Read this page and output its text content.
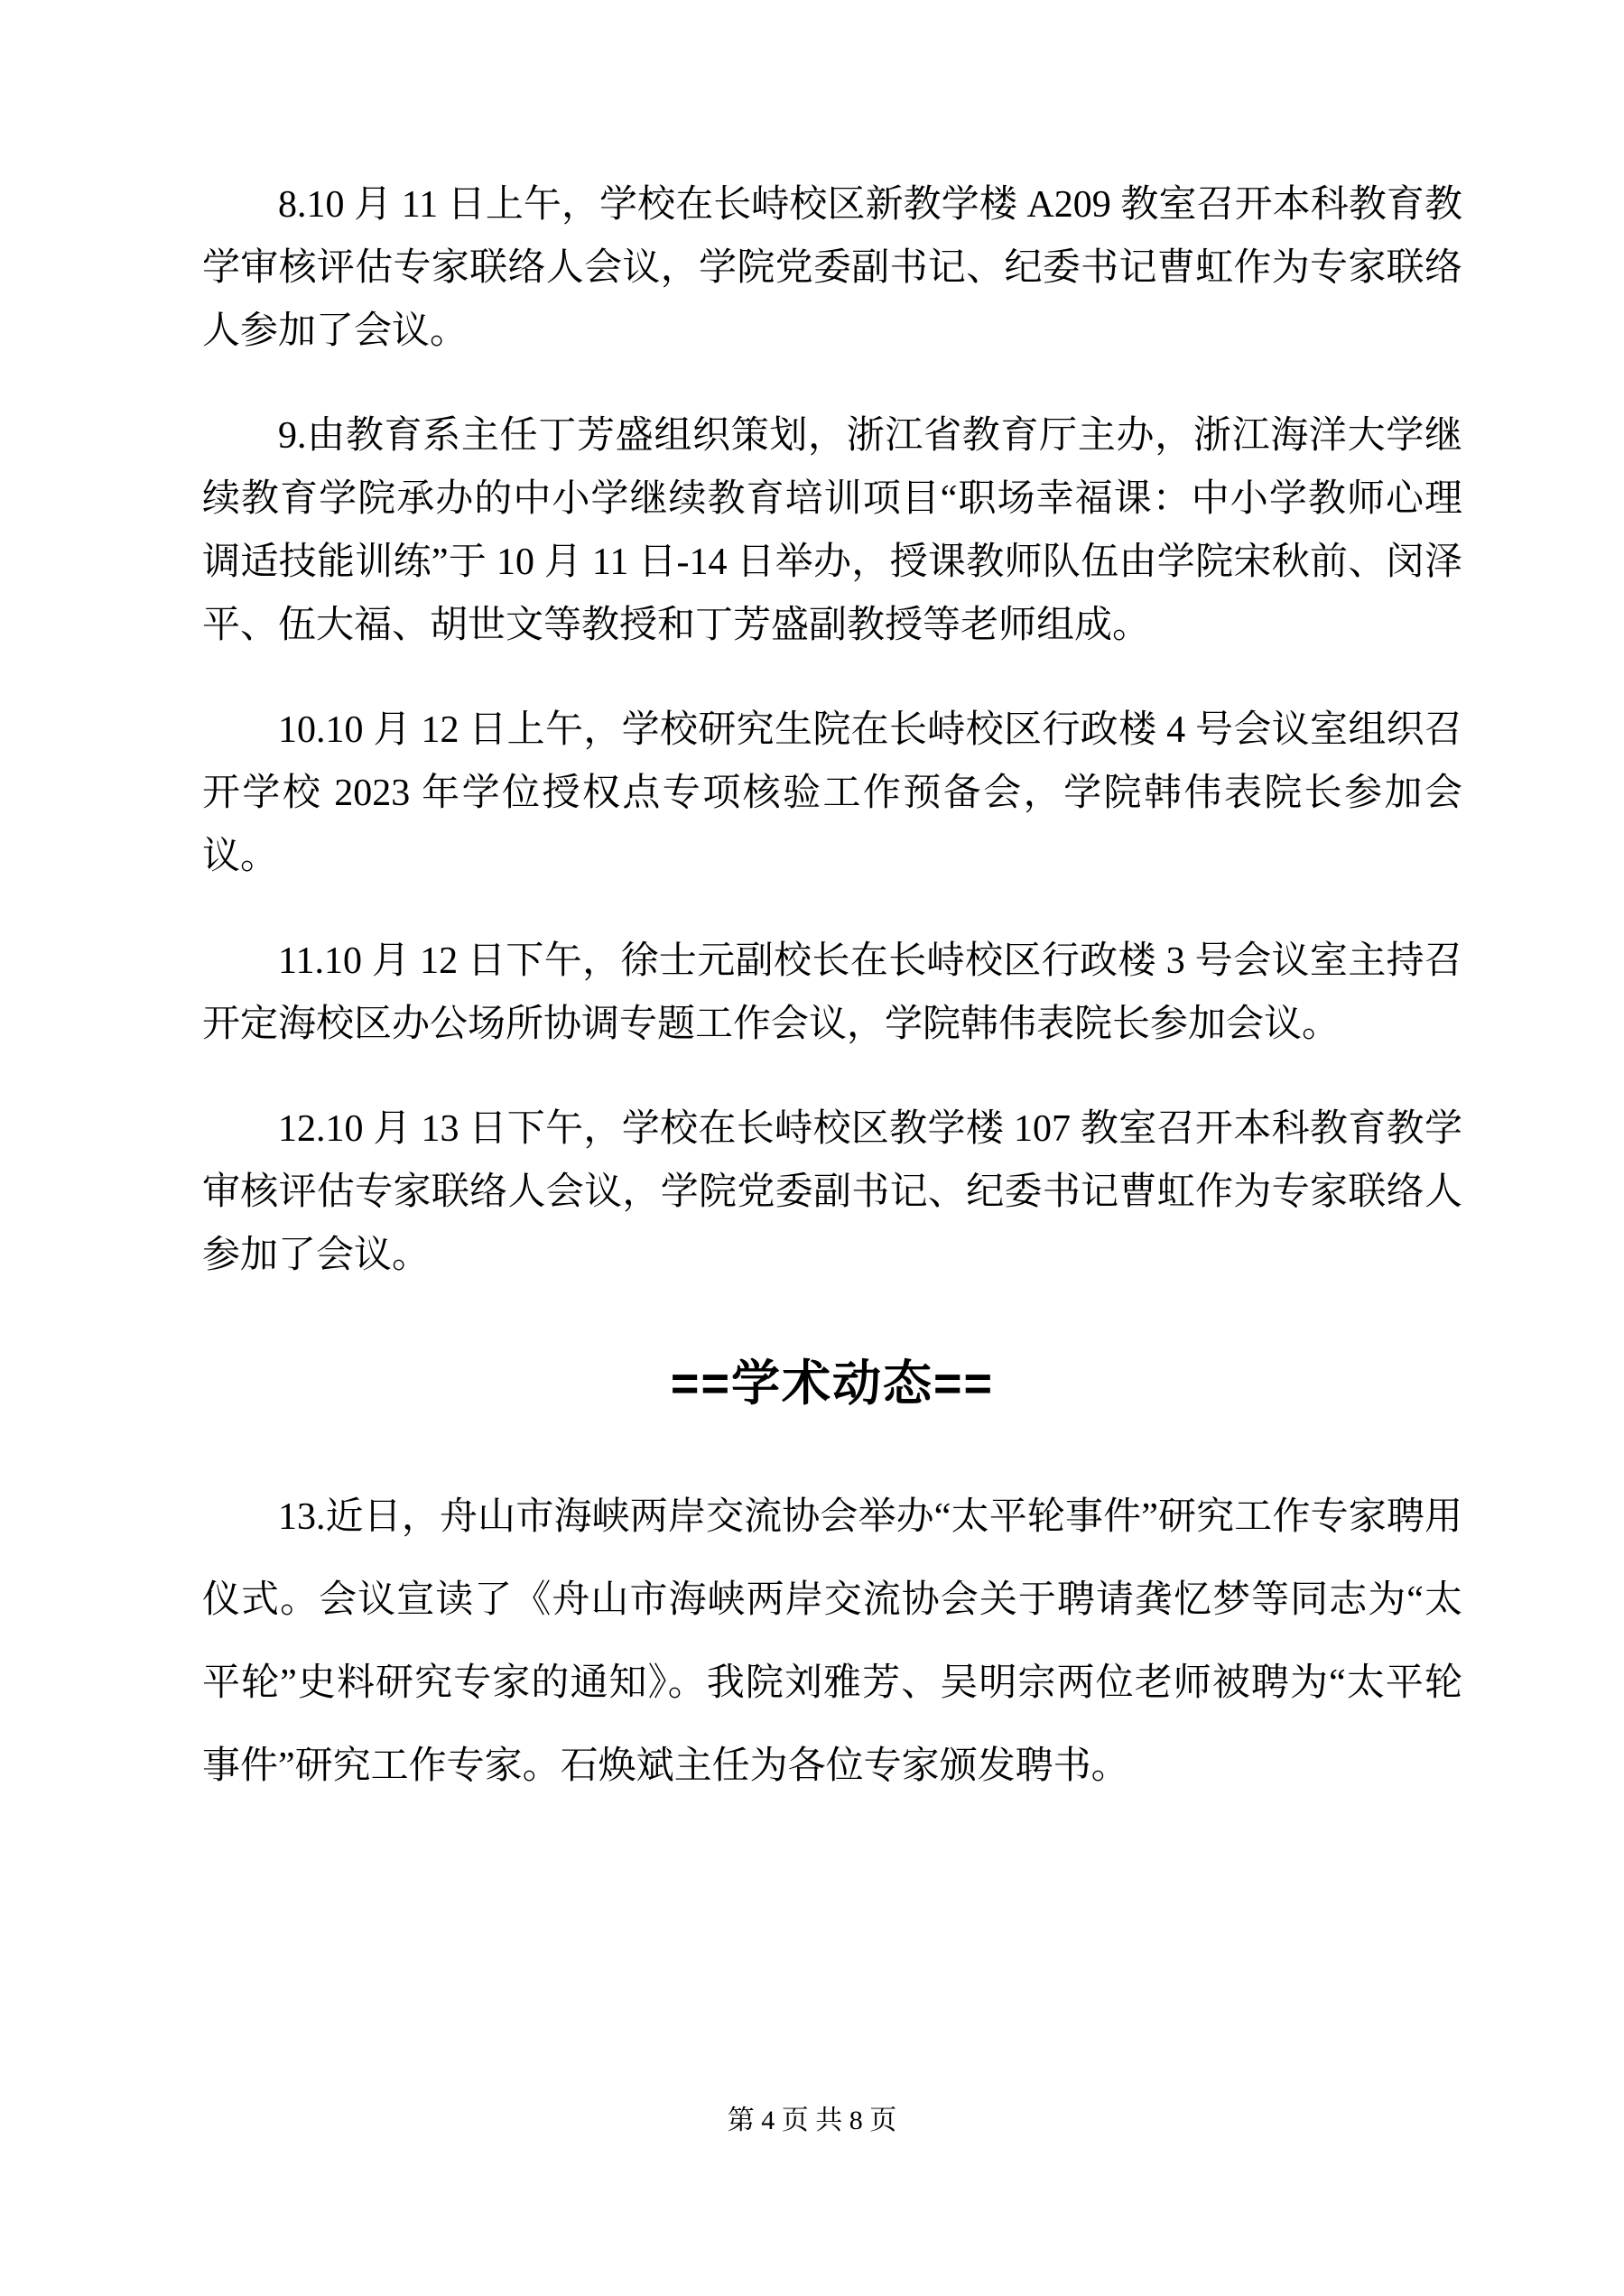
8.10 月 11 日上午，学校在长峙校区新教学楼 A209 教室召开本科教育教学审核评估专家联络人会议，学院党委副书记、纪委书记曹虹作为专家联络人参加了会议。

9.由教育系主任丁芳盛组织策划，浙江省教育厅主办，浙江海洋大学继续教育学院承办的中小学继续教育培训项目“职场幸福课：中小学教师心理调适技能训练”于 10 月 11 日-14 日举办，授课教师队伍由学院宋秋前、闵泽平、伍大福、胡世文等教授和丁芳盛副教授等老师组成。

10.10 月 12 日上午，学校研究生院在长峙校区行政楼 4 号会议室组织召开学校 2023 年学位授权点专项核验工作预备会，学院韩伟表院长参加会议。

11.10 月 12 日下午，徐士元副校长在长峙校区行政楼 3 号会议室主持召开定海校区办公场所协调专题工作会议，学院韩伟表院长参加会议。

12.10 月 13 日下午，学校在长峙校区教学楼 107 教室召开本科教育教学审核评估专家联络人会议，学院党委副书记、纪委书记曹虹作为专家联络人参加了会议。

==学术动态==

13.近日，舟山市海峡两岸交流协会举办“太平轮事件”研究工作专家聘用仪式。会议宣读了《舟山市海峡两岸交流协会关于聘请龚忆梦等同志为“太平轮”史料研究专家的通知》。我院刘雅芳、吴明宗两位老师被聘为“太平轮事件”研究工作专家。石焕斌主任为各位专家颁发聘书。

第 4 页 共 8 页
